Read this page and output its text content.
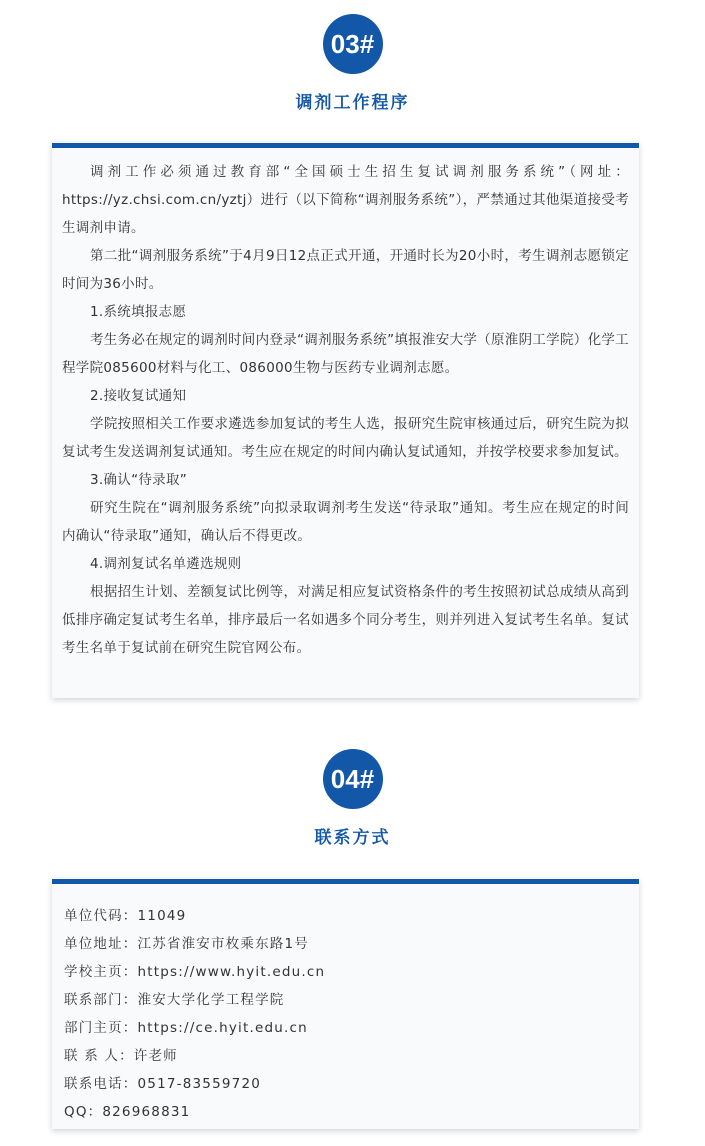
03#
调剂工作程序

调剂工作必须通过教育部“全国硕士生招生复试调剂服务系统”（网址：https://yz.chsi.com.cn/yztj）进行（以下简称“调剂服务系统”），严禁通过其他渠道接受考生调剂申请。

第二批“调剂服务系统”于4月9日12点正式开通，开通时长为20小时，考生调剂志愿锁定时间为36小时。

1.系统填报志愿

考生务必在规定的调剂时间内登录“调剂服务系统”填报淮安大学（原淮阴工学院）化学工程学院085600材料与化工、086000生物与医药专业调剂志愿。

2.接收复试通知

学院按照相关工作要求遴选参加复试的考生人选，报研究生院审核通过后，研究生院为拟复试考生发送调剂复试通知。考生应在规定的时间内确认复试通知，并按学校要求参加复试。

3.确认“待录取”

研究生院在“调剂服务系统”向拟录取调剂考生发送“待录取”通知。考生应在规定的时间内确认“待录取”通知，确认后不得更改。

4.调剂复试名单遴选规则

根据招生计划、差额复试比例等，对满足相应复试资格条件的考生按照初试总成绩从高到低排序确定复试考生名单，排序最后一名如遇多个同分考生，则并列进入复试考生名单。复试考生名单于复试前在研究生院官网公布。

04#
联系方式
单位代码：11049
单位地址：江苏省淮安市枚乘东路1号
学校主页：https://www.hyit.edu.cn
联系部门：淮安大学化学工程学院
部门主页：https://ce.hyit.edu.cn
联 系 人：许老师
联系电话：0517-83559720
QQ：826968831
